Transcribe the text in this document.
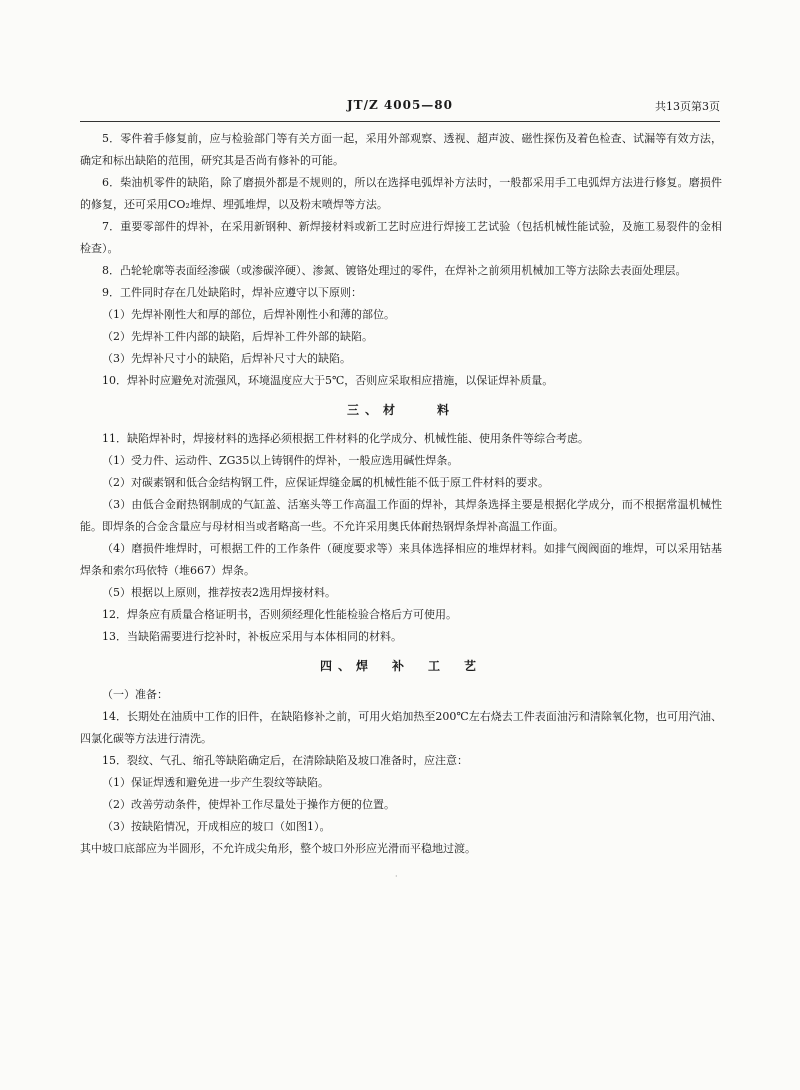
JT/Z 4005—80	共13页第3页

5．零件着手修复前，应与检验部门等有关方面一起，采用外部观察、透视、超声波、磁性探伤及着色检查、试漏等有效方法，确定和标出缺陷的范围，研究其是否尚有修补的可能。

6．柴油机零件的缺陷，除了磨损外都是不规则的，所以在选择电弧焊补方法时，一般都采用手工电弧焊方法进行修复。磨损件的修复，还可采用CO₂堆焊、埋弧堆焊，以及粉末喷焊等方法。

7．重要零部件的焊补，在采用新钢种、新焊接材料或新工艺时应进行焊接工艺试验（包括机械性能试验，及施工易裂件的金相检查）。

8．凸轮轮廓等表面经渗碳（或渗碳淬硬）、渗氮、镀铬处理过的零件，在焊补之前须用机械加工等方法除去表面处理层。

9．工件同时存在几处缺陷时，焊补应遵守以下原则：

（1）先焊补刚性大和厚的部位，后焊补刚性小和薄的部位。

（2）先焊补工件内部的缺陷，后焊补工件外部的缺陷。

（3）先焊补尺寸小的缺陷，后焊补尺寸大的缺陷。

10．焊补时应避免对流强风，环境温度应大于5℃，否则应采取相应措施，以保证焊补质量。

三、材　　料

11．缺陷焊补时，焊接材料的选择必须根据工件材料的化学成分、机械性能、使用条件等综合考虑。

（1）受力件、运动件、ZG35以上铸钢件的焊补，一般应选用碱性焊条。

（2）对碳素钢和低合金结构钢工件，应保证焊缝金属的机械性能不低于原工件材料的要求。

（3）由低合金耐热钢制成的气缸盖、活塞头等工作高温工作面的焊补，其焊条选择主要是根据化学成分，而不根据常温机械性能。即焊条的合金含量应与母材相当或者略高一些。不允许采用奥氏体耐热钢焊条焊补高温工作面。

（4）磨损件堆焊时，可根据工件的工作条件（硬度要求等）来具体选择相应的堆焊材料。如排气阀阀面的堆焊，可以采用钴基焊条和索尔玛依特（堆667）焊条。

（5）根据以上原则，推荐按表2选用焊接材料。

12．焊条应有质量合格证明书，否则须经理化性能检验合格后方可使用。

13．当缺陷需要进行挖补时，补板应采用与本体相同的材料。

四、焊　补　工　艺

（一）准备：

14．长期处在油质中工作的旧件，在缺陷修补之前，可用火焰加热至200℃左右烧去工件表面油污和清除氧化物，也可用汽油、四氯化碳等方法进行清洗。

15．裂纹、气孔、缩孔等缺陷确定后，在清除缺陷及坡口准备时，应注意：

（1）保证焊透和避免进一步产生裂纹等缺陷。

（2）改善劳动条件，使焊补工作尽量处于操作方便的位置。

（3）按缺陷情况，开成相应的坡口（如图1）。

其中坡口底部应为半圆形，不允许成尖角形，整个坡口外形应光滑而平稳地过渡。

·
